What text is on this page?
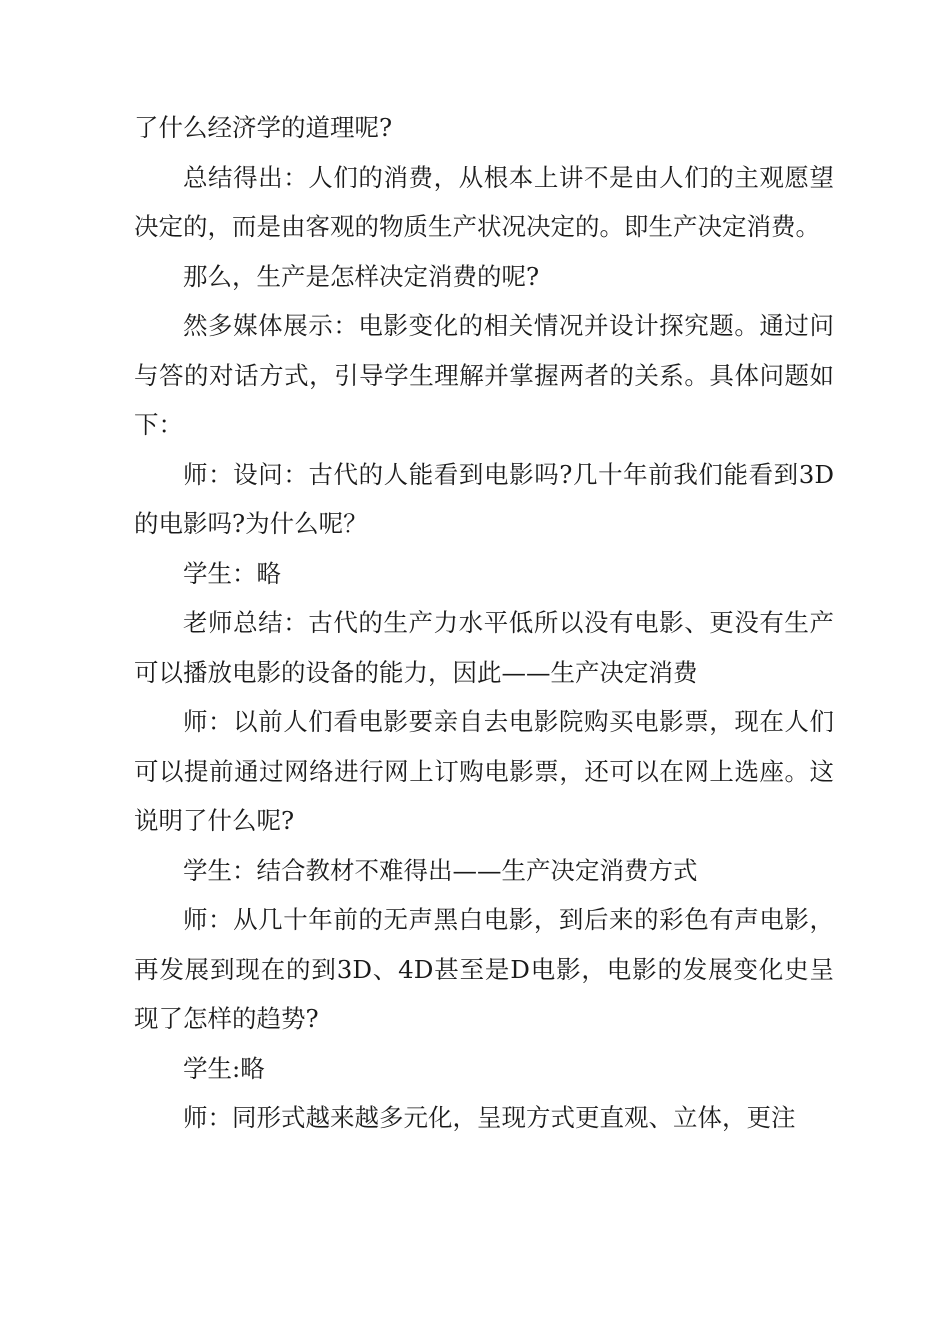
了什么经济学的道理呢?

总结得出：人们的消费，从根本上讲不是由人们的主观愿望决定的，而是由客观的物质生产状况决定的。即生产决定消费。

那么，生产是怎样决定消费的呢?

然多媒体展示：电影变化的相关情况并设计探究题。通过问与答的对话方式，引导学生理解并掌握两者的关系。具体问题如下：

师：设问：古代的人能看到电影吗?几十年前我们能看到3D的电影吗?为什么呢？

学生：略

老师总结：古代的生产力水平低所以没有电影、更没有生产可以播放电影的设备的能力，因此——生产决定消费

师：以前人们看电影要亲自去电影院购买电影票，现在人们可以提前通过网络进行网上订购电影票，还可以在网上选座。这说明了什么呢?

学生：结合教材不难得出——生产决定消费方式

师：从几十年前的无声黑白电影，到后来的彩色有声电影，再发展到现在的到3D、4D甚至是D电影，电影的发展变化史呈现了怎样的趋势?

学生:略

师：同形式越来越多元化，呈现方式更直观、立体，更注
